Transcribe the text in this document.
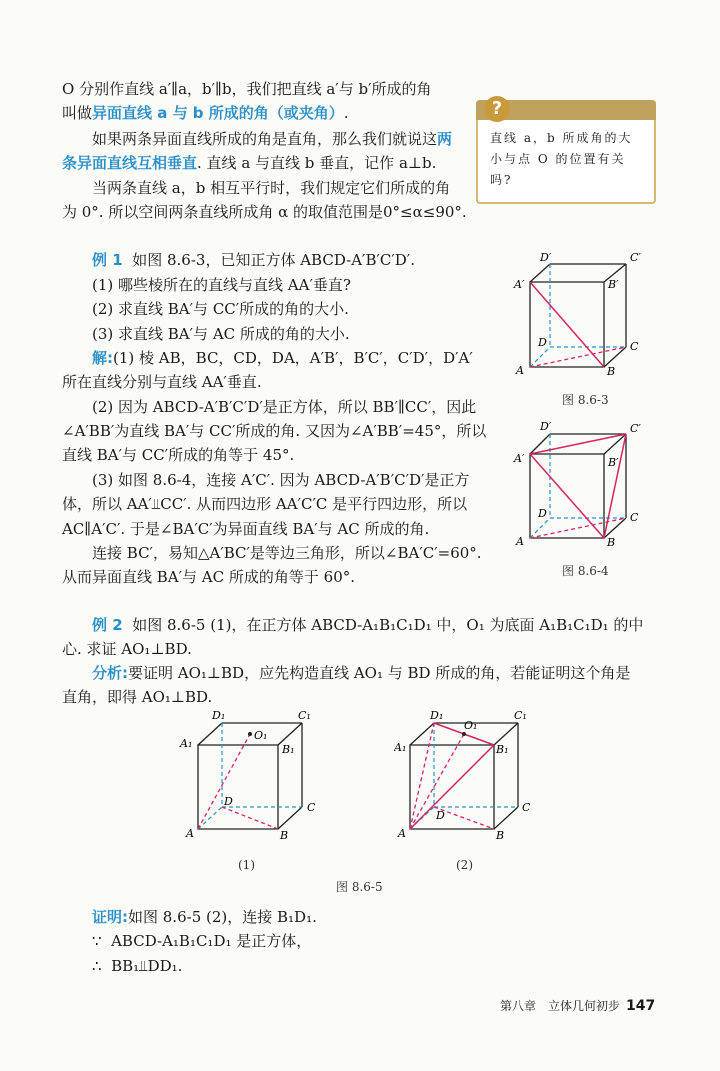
O 分别作直线 a′∥a，b′∥b，我们把直线 a′与 b′所成的角
叫做异面直线 a 与 b 所成的角（或夹角）.
如果两条异面直线所成的角是直角，那么我们就说这两
条异面直线互相垂直. 直线 a 与直线 b 垂直，记作 a⊥b.
当两条直线 a，b 相互平行时，我们规定它们所成的角
为 0°. 所以空间两条直线所成角 α 的取值范围是0°≤α≤90°.
?
直线 a，b 所成角的大小与点 O 的位置有关吗?
例 1 如图 8.6-3，已知正方体 ABCD-A′B′C′D′.
(1) 哪些棱所在的直线与直线 AA′垂直?
(2) 求直线 BA′与 CC′所成的角的大小.
(3) 求直线 BA′与 AC 所成的角的大小.
解:(1) 棱 AB，BC，CD，DA，A′B′，B′C′，C′D′，D′A′
所在直线分别与直线 AA′垂直.
(2) 因为 ABCD-A′B′C′D′是正方体，所以 BB′∥CC′，因此
∠A′BB′为直线 BA′与 CC′所成的角. 又因为∠A′BB′=45°，所以
直线 BA′与 CC′所成的角等于 45°.
(3) 如图 8.6-4，连接 A′C′. 因为 ABCD-A′B′C′D′是正方
体，所以 AA′⫫CC′. 从而四边形 AA′C′C 是平行四边形，所以
AC∥A′C′. 于是∠BA′C′为异面直线 BA′与 AC 所成的角.
连接 BC′，易知△A′BC′是等边三角形，所以∠BA′C′=60°.
从而异面直线 BA′与 AC 所成的角等于 60°.
D′	C′
A′	B′
D	C
A	B
图 8.6-3
D′	C′
A′	B′
D	C
A	B
图 8.6-4
例 2 如图 8.6-5 (1)，在正方体 ABCD-A₁B₁C₁D₁ 中，O₁ 为底面 A₁B₁C₁D₁ 的中
心. 求证 AO₁⊥BD.
分析:要证明 AO₁⊥BD，应先构造直线 AO₁ 与 BD 所成的角，若能证明这个角是
直角，即得 AO₁⊥BD.
D₁	C₁
A₁	B₁
O₁
D	C
A	B
(1)
D₁	C₁
A₁	B₁
O₁
D
C
A	B
(2)
图 8.6-5
证明:如图 8.6-5 (2)，连接 B₁D₁.
∵ ABCD-A₁B₁C₁D₁ 是正方体，
∴ BB₁⫫DD₁.
第八章　立体几何初步 147
